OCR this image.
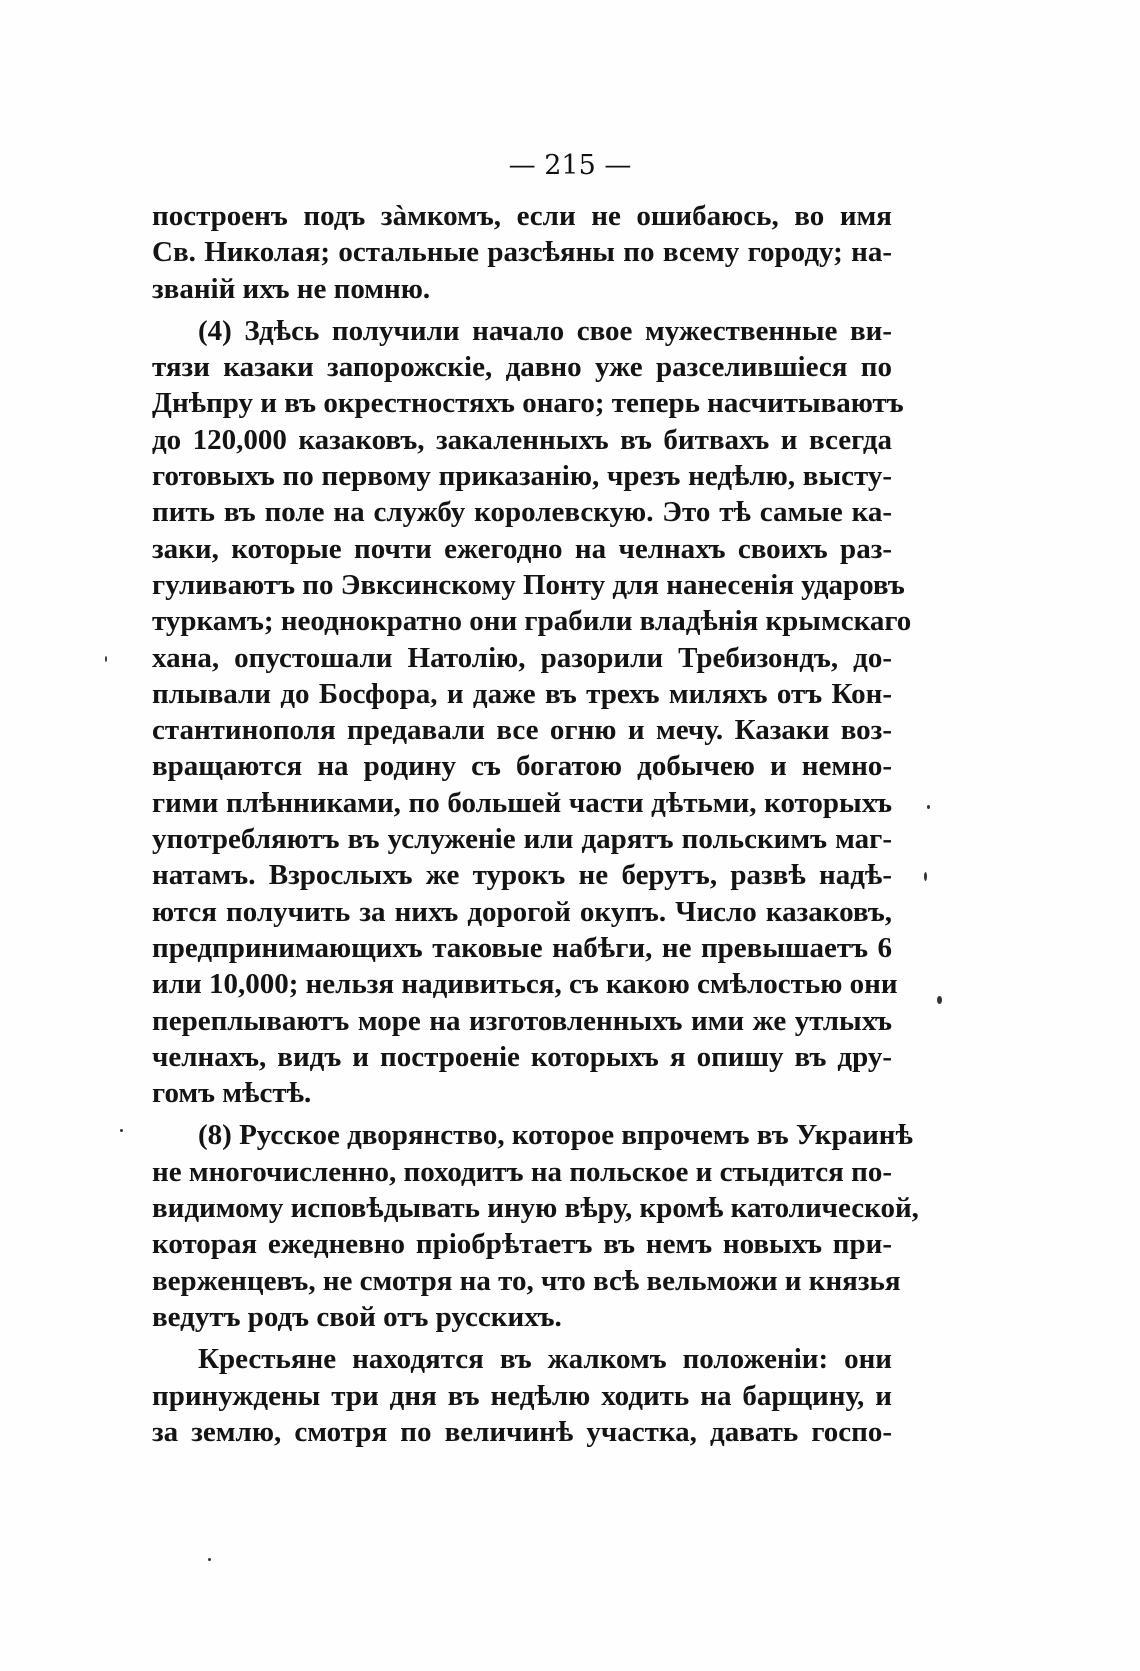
— 215 —
построенъ подъ зàмкомъ, если не ошибаюсь, во имя
Св. Николая; остальные разсѣяны по всему городу; на-
званiй ихъ не помню.
(4) Здѣсь получили начало свое мужественные ви-
тязи казаки запорожскiе, давно уже разселившiеся по
Днѣпру и въ окрестностяхъ онаго; теперь насчитываютъ
до 120,000 казаковъ, закаленныхъ въ битвахъ и всегда
готовыхъ по первому приказанiю, чрезъ недѣлю, высту-
пить въ поле на службу королевскую. Это тѣ самые ка-
заки, которые почти ежегодно на челнахъ своихъ раз-
гуливаютъ по Эвксинскому Понту для нанесенiя ударовъ
туркамъ; неоднократно они грабили владѣнiя крымскаго
хана, опустошали Натолiю, разорили Требизондъ, до-
плывали до Босфора, и даже въ трехъ миляхъ отъ Кон-
стантинополя предавали все огню и мечу. Казаки воз-
вращаются на родину съ богатою добычею и немно-
гими плѣнниками, по большей части дѣтьми, которыхъ
употребляютъ въ услуженiе или дарятъ польскимъ маг-
натамъ. Взрослыхъ же турокъ не берутъ, развѣ надѣ-
ются получить за нихъ дорогой окупъ. Число казаковъ,
предпринимающихъ таковые набѣги, не превышаетъ 6
или 10,000; нельзя надивиться, съ какою смѣлостью они
переплываютъ море на изготовленныхъ ими же утлыхъ
челнахъ, видъ и построенiе которыхъ я опишу въ дру-
гомъ мѣстѣ.
(8) Русское дворянство, которое впрочемъ въ Украинѣ
не многочисленно, походитъ на польское и стыдится по-
видимому исповѣдывать иную вѣру, кромѣ католической,
которая ежедневно прiобрѣтаетъ въ немъ новыхъ при-
верженцевъ, не смотря на то, что всѣ вельможи и князья
ведутъ родъ свой отъ русскихъ.
Крестьяне находятся въ жалкомъ положенiи: они
принуждены три дня въ недѣлю ходить на барщину, и
за землю, смотря по величинѣ участка, давать госпо-
